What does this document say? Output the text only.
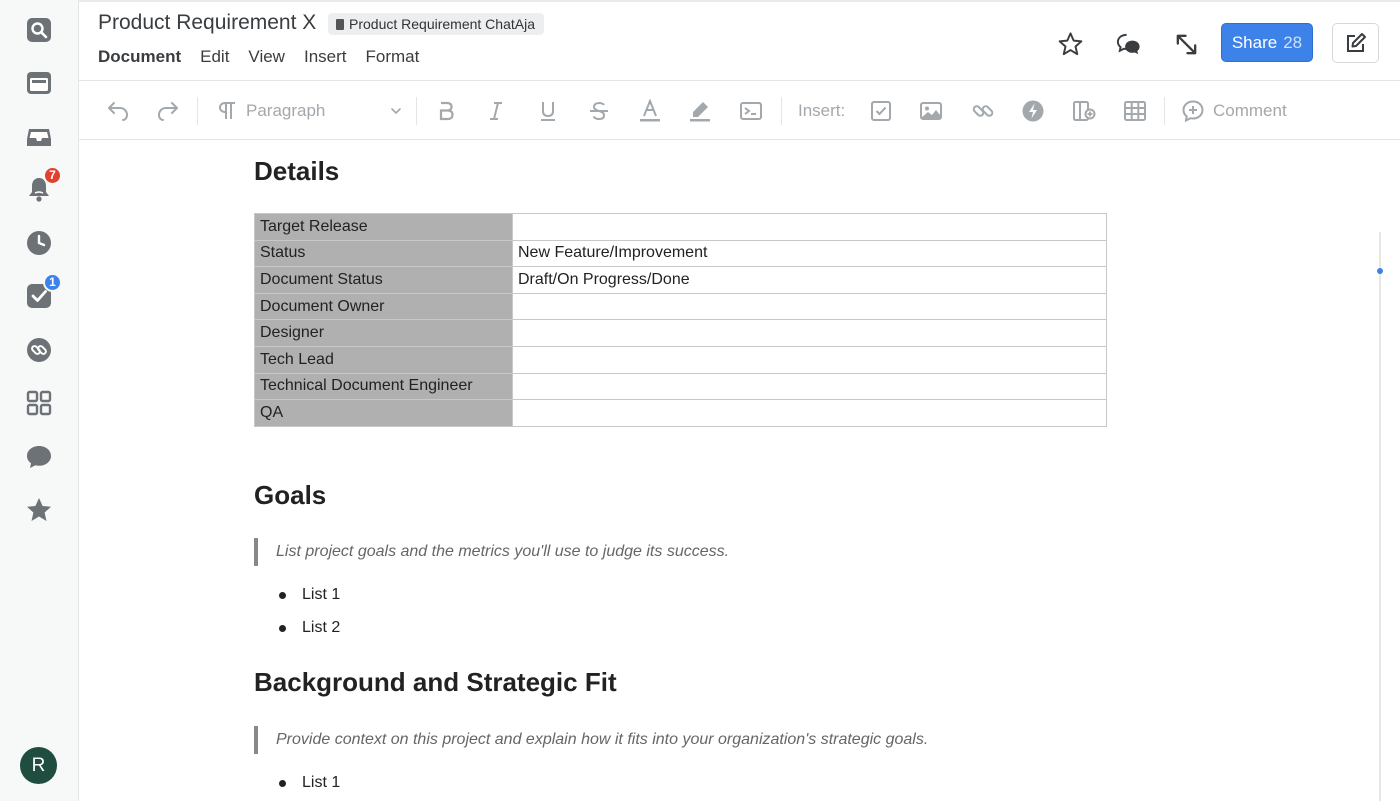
7
1
R
Product Requirement X Product Requirement ChatAja
Document Edit View Insert Format
Share 28
Paragraph	Insert:	Comment
Details
Target Release	
Status	New Feature/Improvement
Document Status	Draft/On Progress/Done
Document Owner	
Designer	
Tech Lead	
Technical Document Engineer	
QA	
Goals
List project goals and the metrics you'll use to judge its success.
List 1
List 2
Background and Strategic Fit
Provide context on this project and explain how it fits into your organization's strategic goals.
List 1
